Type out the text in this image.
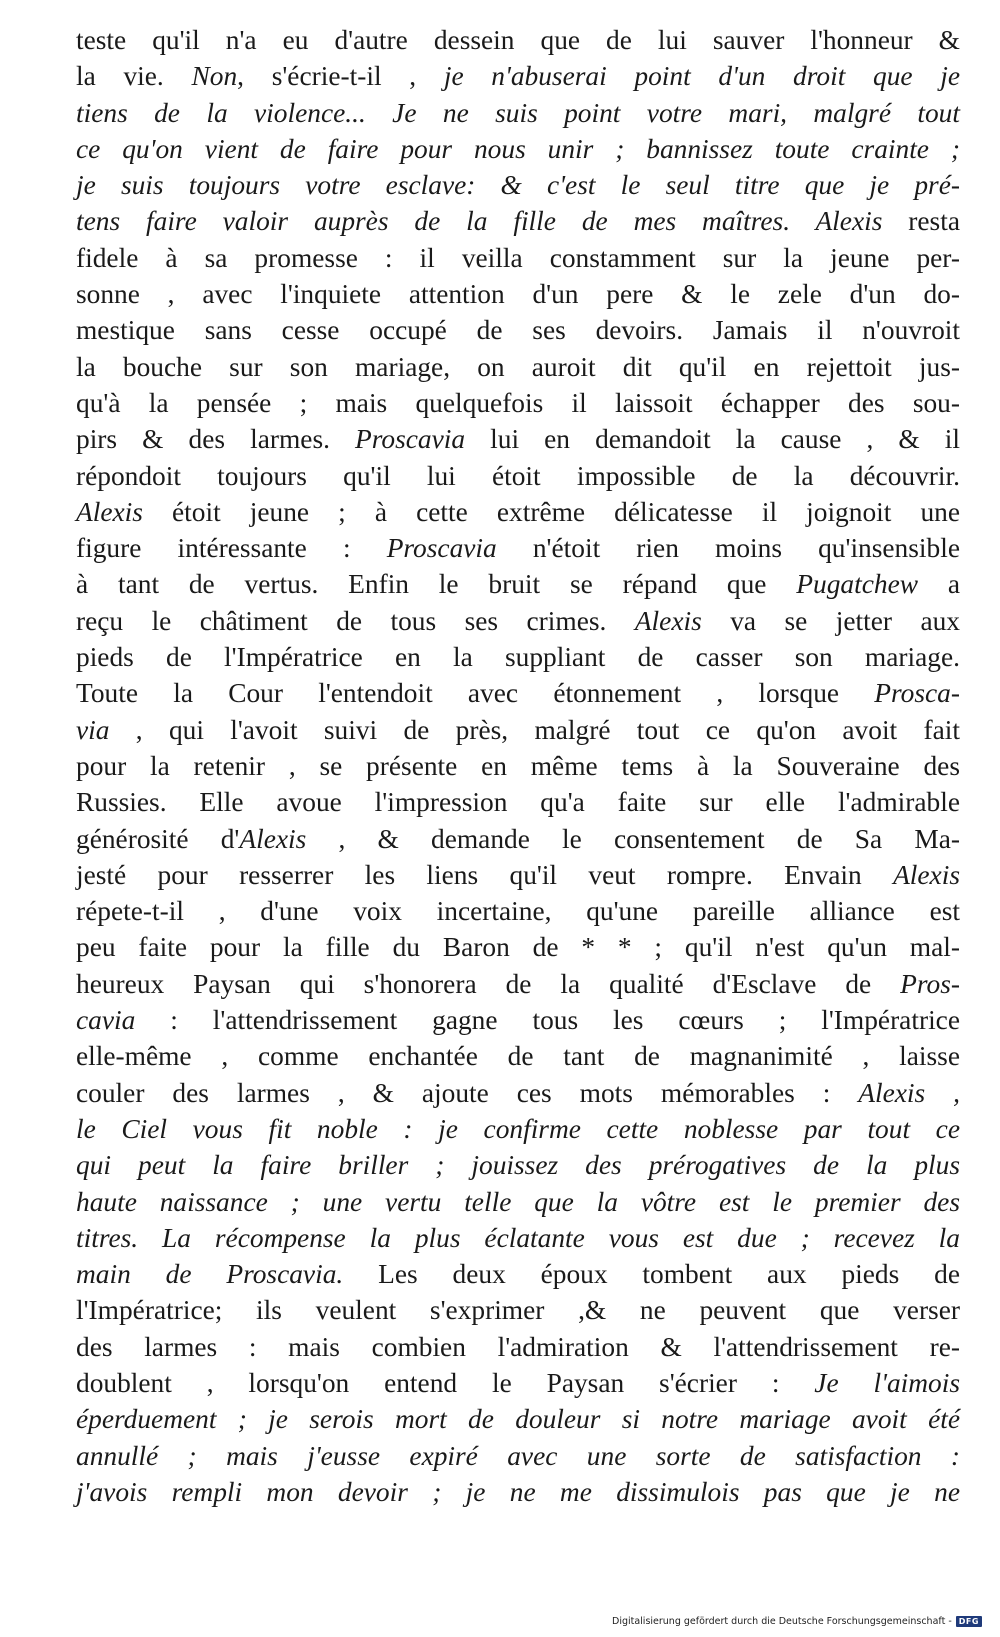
teste qu'il n'a eu d'autre dessein que de lui sauver l'honneur &
la vie. Non, s'écrie-t-il , je n'abuserai point d'un droit que je
tiens de la violence... Je ne suis point votre mari, malgré tout
ce qu'on vient de faire pour nous unir ; bannissez toute crainte ;
je suis toujours votre esclave: & c'est le seul titre que je pré-
tens faire valoir auprès de la fille de mes maîtres. Alexis resta
fidele à sa promesse : il veilla constamment sur la jeune per-
sonne , avec l'inquiete attention d'un pere & le zele d'un do-
mestique sans cesse occupé de ses devoirs. Jamais il n'ouvroit
la bouche sur son mariage, on auroit dit qu'il en rejettoit jus-
qu'à la pensée ; mais quelquefois il laissoit échapper des sou-
pirs & des larmes. Proscavia lui en demandoit la cause , & il
répondoit toujours qu'il lui étoit impossible de la découvrir.
Alexis étoit jeune ; à cette extrême délicatesse il joignoit une
figure intéressante : Proscavia n'étoit rien moins qu'insensible
à tant de vertus. Enfin le bruit se répand que Pugatchew a
reçu le châtiment de tous ses crimes. Alexis va se jetter aux
pieds de l'Impératrice en la suppliant de casser son mariage.
Toute la Cour l'entendoit avec étonnement , lorsque Prosca-
via , qui l'avoit suivi de près, malgré tout ce qu'on avoit fait
pour la retenir , se présente en même tems à la Souveraine des
Russies. Elle avoue l'impression qu'a faite sur elle l'admirable
générosité d'Alexis , & demande le consentement de Sa Ma-
jesté pour resserrer les liens qu'il veut rompre. Envain Alexis
répete-t-il , d'une voix incertaine, qu'une pareille alliance est
peu faite pour la fille du Baron de * * ; qu'il n'est qu'un mal-
heureux Paysan qui s'honorera de la qualité d'Esclave de Pros-
cavia : l'attendrissement gagne tous les cœurs ; l'Impératrice
elle-même , comme enchantée de tant de magnanimité , laisse
couler des larmes , & ajoute ces mots mémorables : Alexis ,
le Ciel vous fit noble : je confirme cette noblesse par tout ce
qui peut la faire briller ; jouissez des prérogatives de la plus
haute naissance ; une vertu telle que la vôtre est le premier des
titres. La récompense la plus éclatante vous est due ; recevez la
main de Proscavia. Les deux époux tombent aux pieds de
l'Impératrice; ils veulent s'exprimer ,& ne peuvent que verser
des larmes : mais combien l'admiration & l'attendrissement re-
doublent , lorsqu'on entend le Paysan s'écrier : Je l'aimois
éperduement ; je serois mort de douleur si notre mariage avoit été
annullé ; mais j'eusse expiré avec une sorte de satisfaction :
j'avois rempli mon devoir ; je ne me dissimulois pas que je ne
Digitalisierung gefördert durch die Deutsche Forschungsgemeinschaft - DFG
